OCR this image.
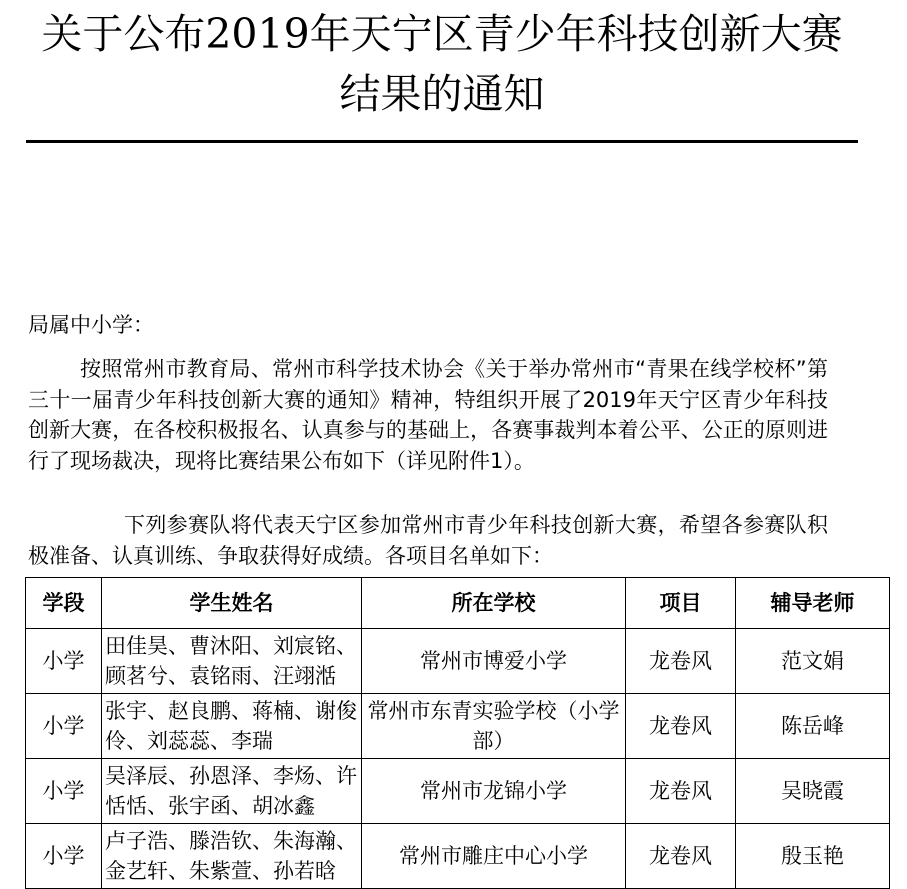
关于公布2019年天宁区青少年科技创新大赛结果的通知
局属中小学：

按照常州市教育局、常州市科学技术协会《关于举办常州市“青果在线学校杯”第三十一届青少年科技创新大赛的通知》精神，特组织开展了2019年天宁区青少年科技创新大赛，在各校积极报名、认真参与的基础上，各赛事裁判本着公平、公正的原则进行了现场裁决，现将比赛结果公布如下（详见附件1）。

下列参赛队将代表天宁区参加常州市青少年科技创新大赛，希望各参赛队积极准备、认真训练、争取获得好成绩。各项目名单如下：

学段	学生姓名	所在学校	项目	辅导老师
小学	田佳昊、曹沐阳、刘宸铭、顾茗兮、袁铭雨、汪翊湉	常州市博爱小学	龙卷风	范文娟
小学	张宇、赵良鹏、蒋楠、谢俊伶、刘蕊蕊、李瑞	常州市东青实验学校（小学部）	龙卷风	陈岳峰
小学	吴泽辰、孙恩泽、李炀、许恬恬、张宇函、胡冰鑫	常州市龙锦小学	龙卷风	吴晓霞
小学	卢子浩、滕浩钦、朱海瀚、金艺轩、朱紫萱、孙若晗	常州市雕庄中心小学	龙卷风	殷玉艳
